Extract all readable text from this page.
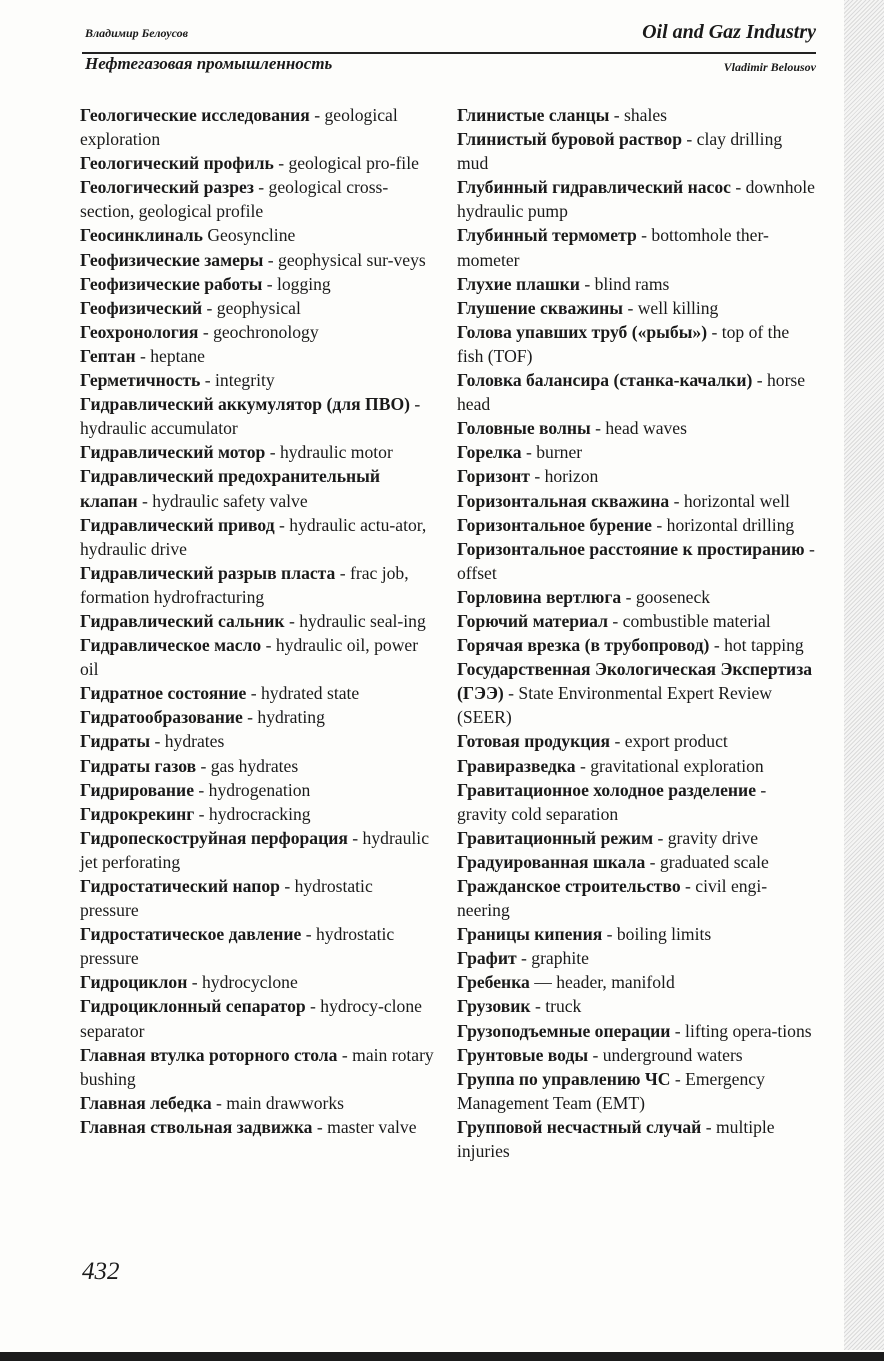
Владимир Белоусов	Oil and Gaz Industry
Нефтегазовая промышленность	Vladimir Belousov

Геологические исследования - geological exploration

Геологический профиль - geological pro-file

Геологический разрез - geological cross-section, geological profile

Геосинклиналь Geosyncline

Геофизические замеры - geophysical sur-veys

Геофизические работы - logging

Геофизический - geophysical

Геохронология - geochronology

Гептан - heptane

Герметичность - integrity

Гидравлический аккумулятор (для ПВО) - hydraulic accumulator

Гидравлический мотор - hydraulic motor

Гидравлический предохранительный клапан - hydraulic safety valve

Гидравлический привод - hydraulic actu-ator, hydraulic drive

Гидравлический разрыв пласта - frac job, formation hydrofracturing

Гидравлический сальник - hydraulic seal-ing

Гидравлическое масло - hydraulic oil, power oil

Гидратное состояние - hydrated state

Гидратообразование - hydrating

Гидраты - hydrates

Гидраты газов - gas hydrates

Гидрирование - hydrogenation

Гидрокрекинг - hydrocracking

Гидропескоструйная перфорация - hydraulic jet perforating

Гидростатический напор - hydrostatic pressure

Гидростатическое давление - hydrostatic pressure

Гидроциклон - hydrocyclone

Гидроциклонный сепаратор - hydrocy-clone separator

Главная втулка роторного стола - main rotary bushing

Главная лебедка - main drawworks

Главная ствольная задвижка - master valve

Глинистые сланцы - shales

Глинистый буровой раствор - clay drilling mud

Глубинный гидравлический насос - downhole hydraulic pump

Глубинный термометр - bottomhole ther-mometer

Глухие плашки - blind rams

Глушение скважины - well killing

Голова упавших труб («рыбы») - top of the fish (TOF)

Головка балансира (станка-качалки) - horse head

Головные волны - head waves

Горелка - burner

Горизонт - horizon

Горизонтальная скважина - horizontal well

Горизонтальное бурение - horizontal drilling

Горизонтальное расстояние к простиранию - offset

Горловина вертлюга - gooseneck

Горючий материал - combustible material

Горячая врезка (в трубопровод) - hot tapping

Государственная Экологическая Экспертиза (ГЭЭ) - State Environmental Expert Review (SEER)

Готовая продукция - export product

Гравиразведка - gravitational exploration

Гравитационное холодное разделение - gravity cold separation

Гравитационный режим - gravity drive

Градуированная шкала - graduated scale

Гражданское строительство - civil engi-neering

Границы кипения - boiling limits

Графит - graphite

Гребенка — header, manifold

Грузовик - truck

Грузоподъемные операции - lifting opera-tions

Грунтовые воды - underground waters

Группа по управлению ЧС - Emergency Management Team (EMT)

Групповой несчастный случай - multiple injuries

432
